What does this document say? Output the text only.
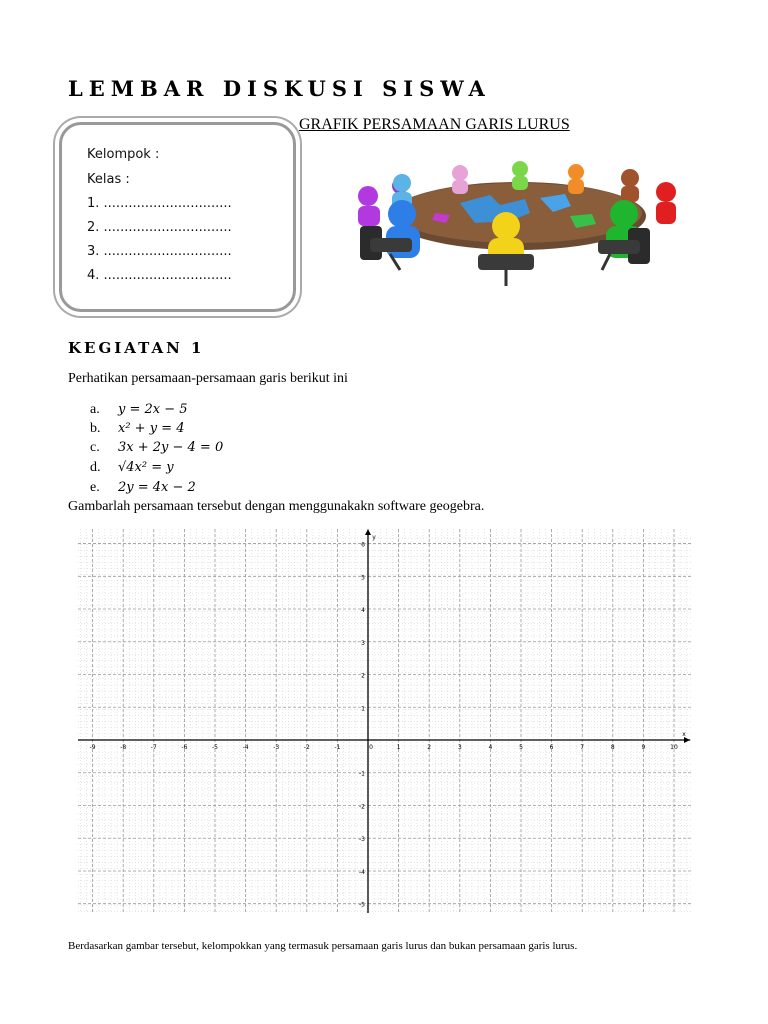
LEMBAR DISKUSI SISWA
GRAFIK PERSAMAAN GARIS LURUS
Kelompok :
Kelas :
1. ...............................
2. ...............................
3. ...............................
4. ...............................
KEGIATAN 1
Perhatikan persamaan-persamaan garis berikut ini
a. y = 2x − 5
b. x² + y = 4
c. 3x + 2y − 4 = 0
d. √4x² = y
e. 2y = 4x − 2
Gambarlah persamaan tersebut dengan menggunakakn software geogebra.
-9	-8	-7	-6	-5	-4	-3	-2	-1	0	1	2	3	4	5	6	7	8	9	10
6
5
4
3
2
1
-1
-2
-3
-4
-5
x
y
Berdasarkan gambar tersebut, kelompokkan yang termasuk persamaan garis lurus dan bukan persamaan garis lurus.
